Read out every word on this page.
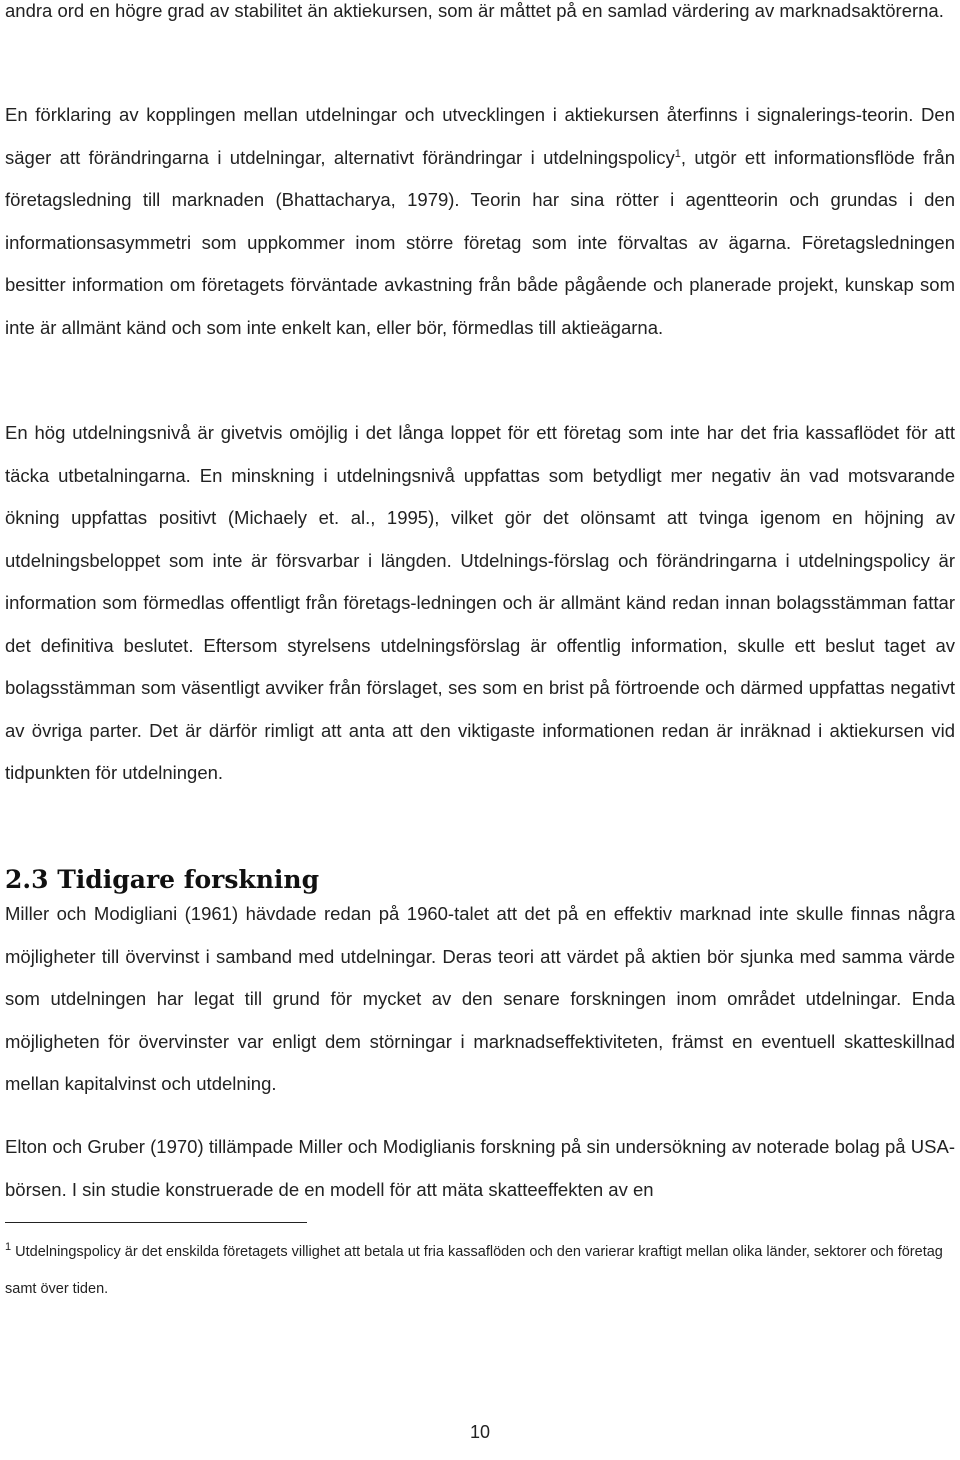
andra ord en högre grad av stabilitet än aktiekursen, som är måttet på en samlad värdering av marknadsaktörerna.

En förklaring av kopplingen mellan utdelningar och utvecklingen i aktiekursen återfinns i signalerings-teorin. Den säger att förändringarna i utdelningar, alternativt förändringar i utdelningspolicy$^1$, utgör ett informationsflöde från företagsledning till marknaden (Bhattacharya, 1979). Teorin har sina rötter i agentteorin och grundas i den informationsasymmetri som uppkommer inom större företag som inte förvaltas av ägarna. Företagsledningen besitter information om företagets förväntade avkastning från både pågående och planerade projekt, kunskap som inte är allmänt känd och som inte enkelt kan, eller bör, förmedlas till aktieägarna.

En hög utdelningsnivå är givetvis omöjlig i det långa loppet för ett företag som inte har det fria kassaflödet för att täcka utbetalningarna. En minskning i utdelningsnivå uppfattas som betydligt mer negativ än vad motsvarande ökning uppfattas positivt (Michaely et. al., 1995), vilket gör det olönsamt att tvinga igenom en höjning av utdelningsbeloppet som inte är försvarbar i längden. Utdelnings-förslag och förändringarna i utdelningspolicy är information som förmedlas offentligt från företags-ledningen och är allmänt känd redan innan bolagsstämman fattar det definitiva beslutet. Eftersom styrelsens utdelningsförslag är offentlig information, skulle ett beslut taget av bolagsstämman som väsentligt avviker från förslaget, ses som en brist på förtroende och därmed uppfattas negativt av övriga parter. Det är därför rimligt att anta att den viktigaste informationen redan är inräknad i aktiekursen vid tidpunkten för utdelningen.

2.3 Tidigare forskning

Miller och Modigliani (1961) hävdade redan på 1960-talet att det på en effektiv marknad inte skulle finnas några möjligheter till övervinst i samband med utdelningar. Deras teori att värdet på aktien bör sjunka med samma värde som utdelningen har legat till grund för mycket av den senare forskningen inom området utdelningar. Enda möjligheten för övervinster var enligt dem störningar i marknadseffektiviteten, främst en eventuell skatteskillnad mellan kapitalvinst och utdelning.

Elton och Gruber (1970) tillämpade Miller och Modiglianis forskning på sin undersökning av noterade bolag på USA-börsen. I sin studie konstruerade de en modell för att mäta skatteeffekten av en

$^1$ Utdelningspolicy är det enskilda företagets villighet att betala ut fria kassaflöden och den varierar kraftigt mellan olika länder, sektorer och företag samt över tiden.

10
